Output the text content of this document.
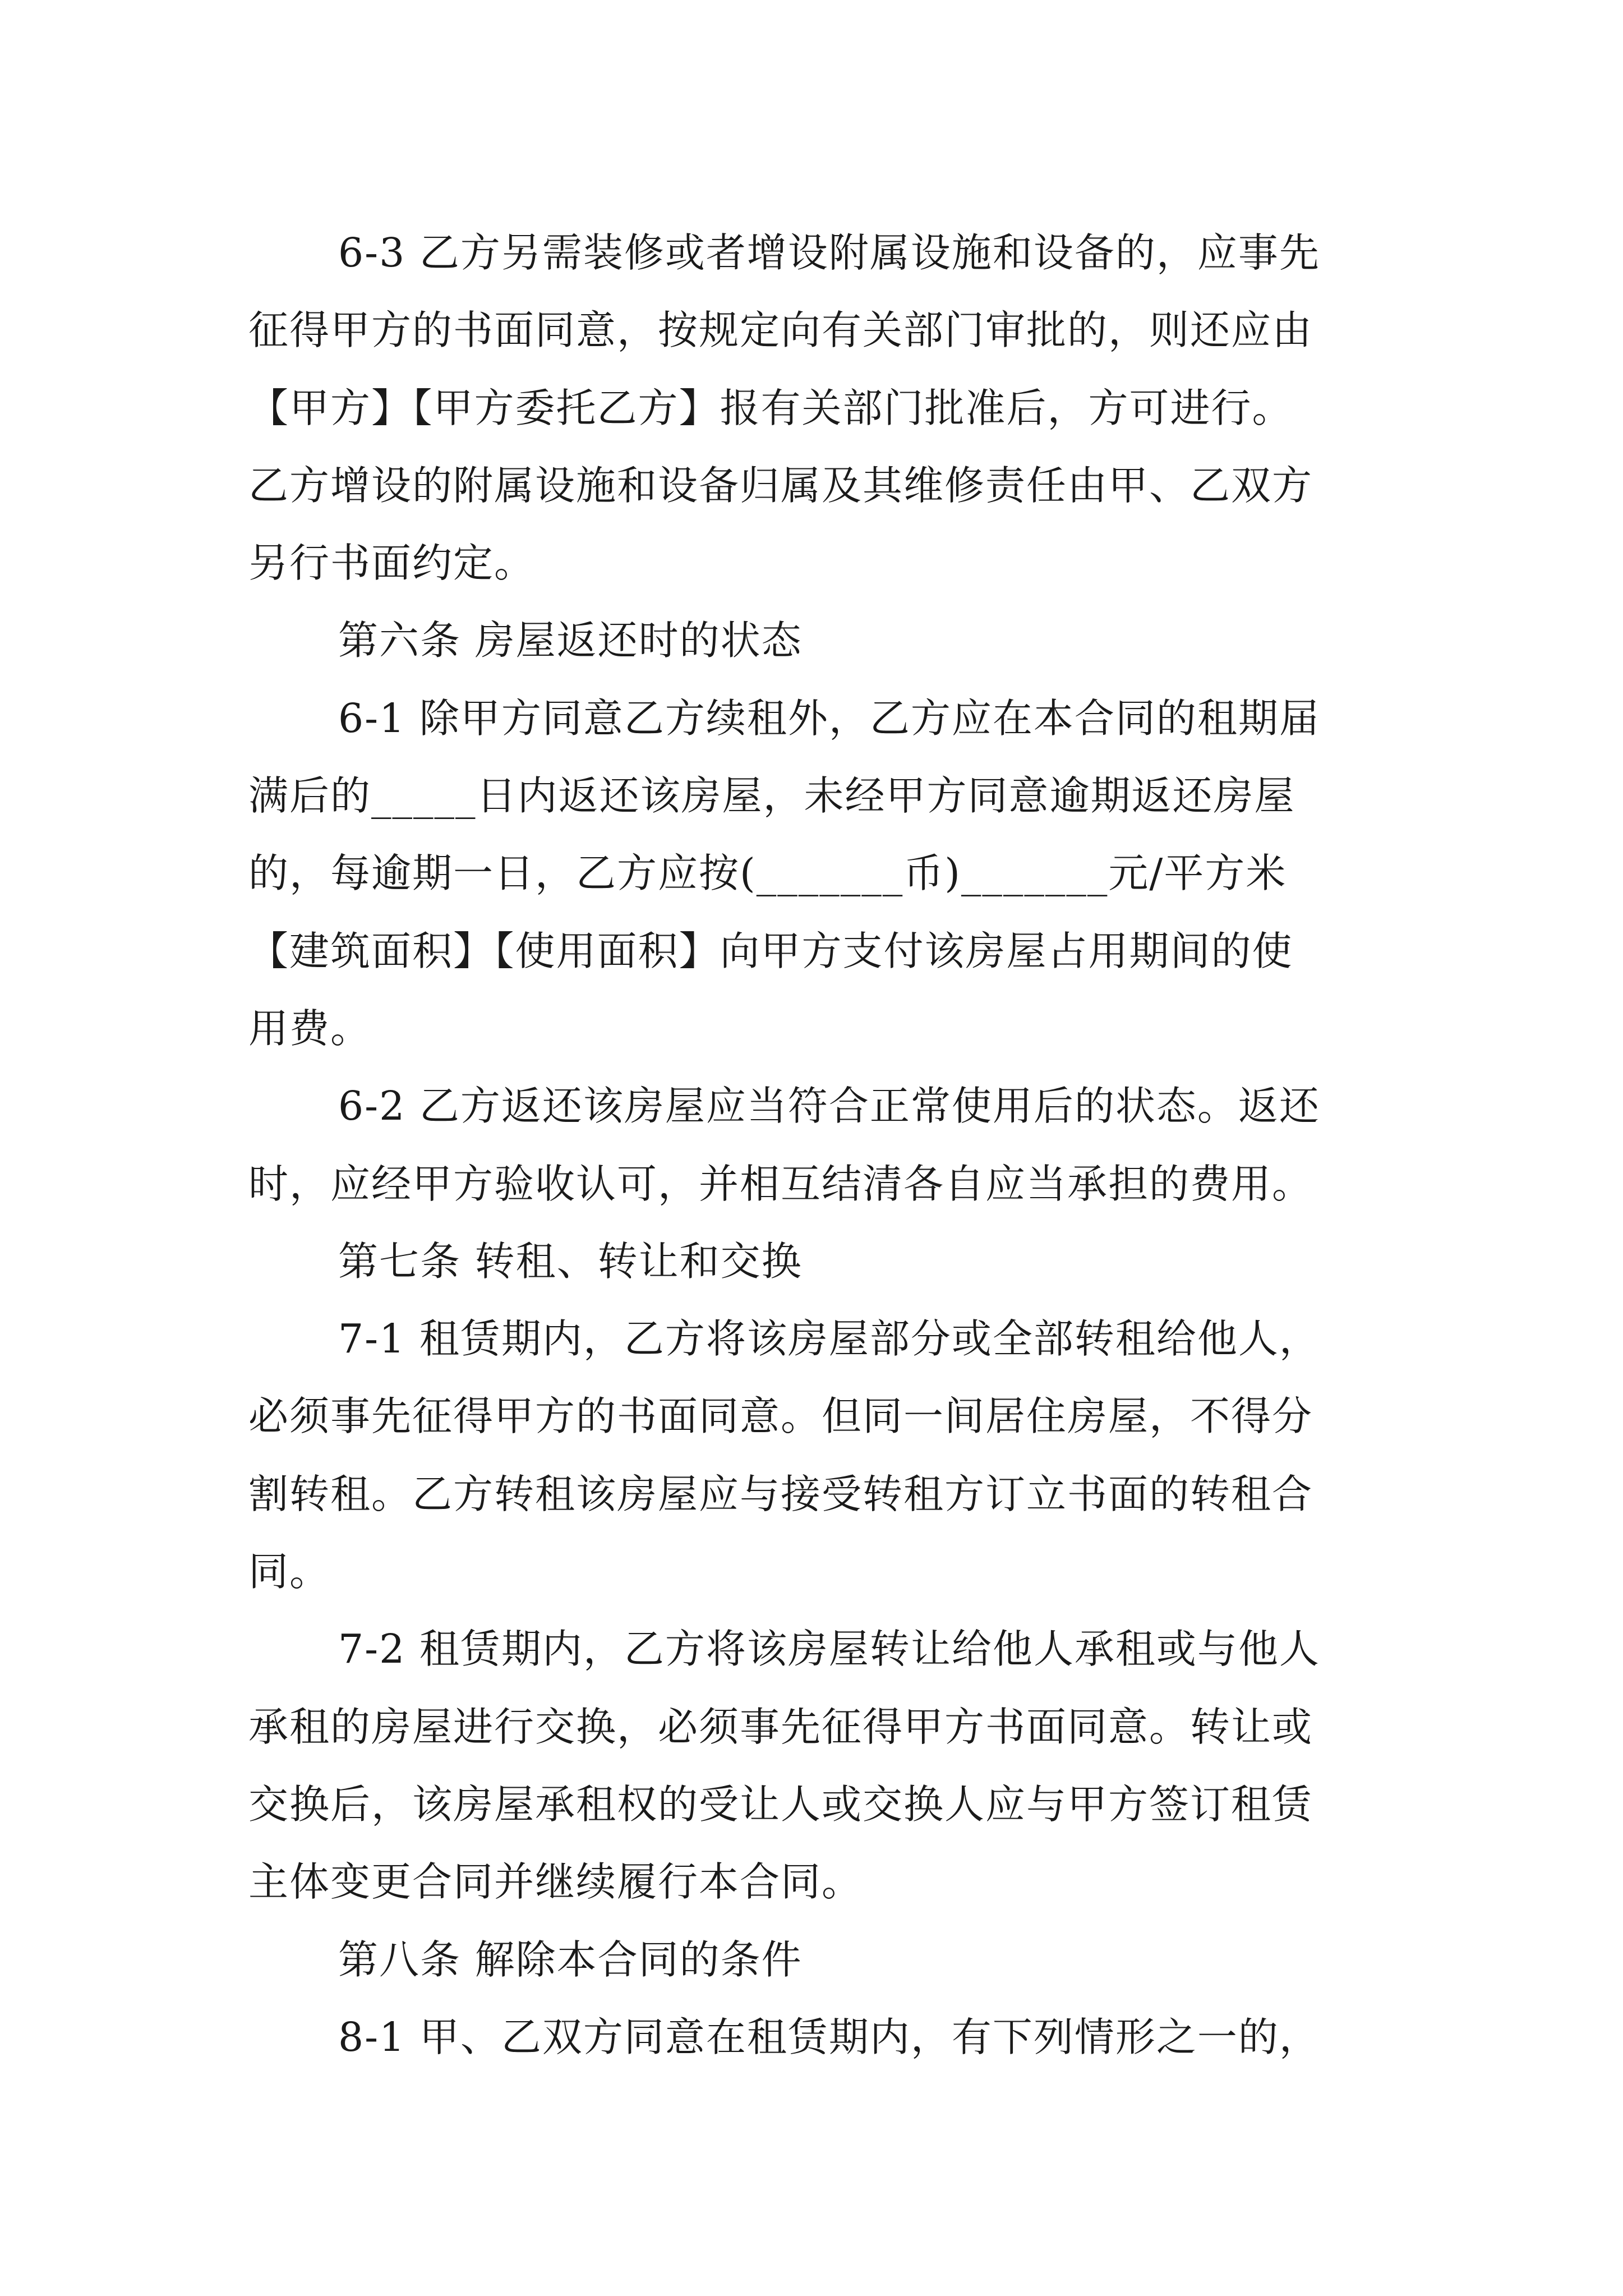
6-3 乙方另需装修或者增设附属设施和设备的，应事先
征得甲方的书面同意，按规定向有关部门审批的，则还应由
【甲方】【甲方委托乙方】报有关部门批准后，方可进行。
乙方增设的附属设施和设备归属及其维修责任由甲、乙双方
另行书面约定。
第六条 房屋返还时的状态
6-1 除甲方同意乙方续租外，乙方应在本合同的租期届
满后的_____日内返还该房屋，未经甲方同意逾期返还房屋
的，每逾期一日，乙方应按(_______币)_______元/平方米
【建筑面积】【使用面积】向甲方支付该房屋占用期间的使
用费。
6-2 乙方返还该房屋应当符合正常使用后的状态。返还
时，应经甲方验收认可，并相互结清各自应当承担的费用。
第七条 转租、转让和交换
7-1 租赁期内，乙方将该房屋部分或全部转租给他人，
必须事先征得甲方的书面同意。但同一间居住房屋，不得分
割转租。乙方转租该房屋应与接受转租方订立书面的转租合
同。
7-2 租赁期内，乙方将该房屋转让给他人承租或与他人
承租的房屋进行交换，必须事先征得甲方书面同意。转让或
交换后，该房屋承租权的受让人或交换人应与甲方签订租赁
主体变更合同并继续履行本合同。
第八条 解除本合同的条件
8-1 甲、乙双方同意在租赁期内，有下列情形之一的，
